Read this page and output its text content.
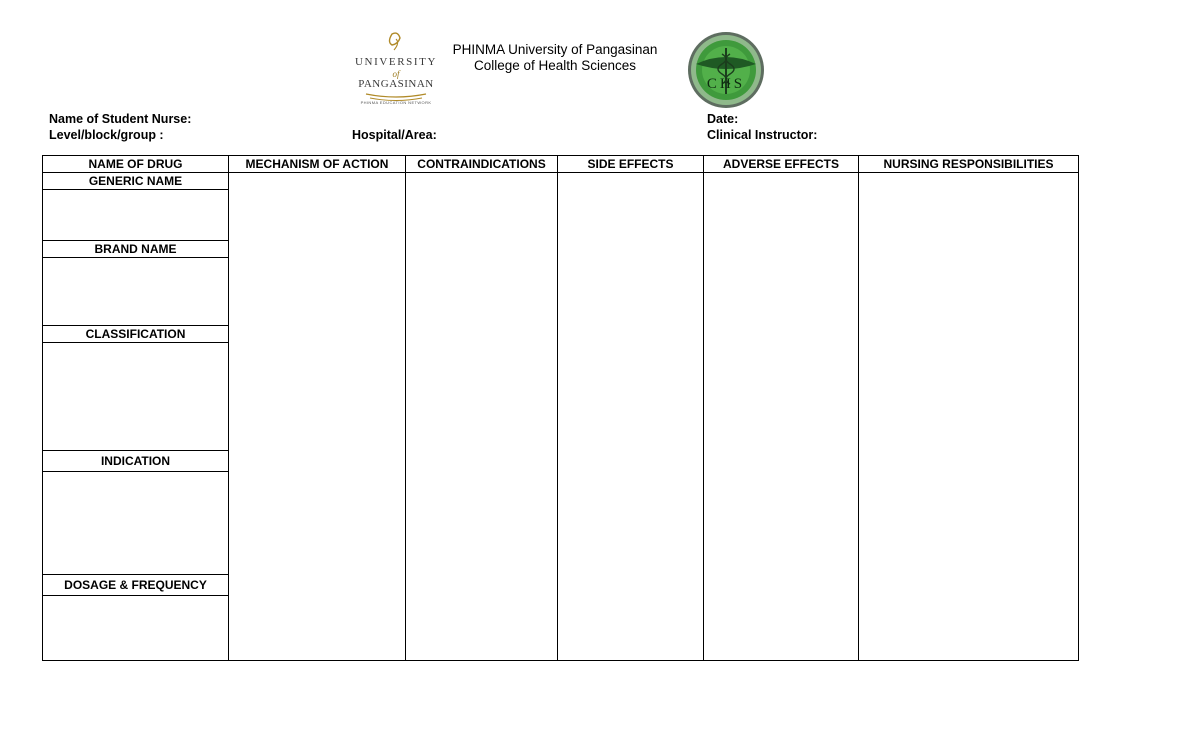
UNIVERSITY
of
PANGASINAN
PHINMA EDUCATION NETWORK
PHINMA University of Pangasinan
College of Health Sciences
CHS
Name of Student Nurse:
Level/block/group :	Hospital/Area:
Date:
Clinical Instructor:
NAME OF DRUG	MECHANISM OF ACTION	CONTRAINDICATIONS	SIDE EFFECTS	ADVERSE EFFECTS	NURSING RESPONSIBILITIES
GENERIC NAME					

BRAND NAME					

CLASSIFICATION					

INDICATION					

DOSAGE & FREQUENCY					
